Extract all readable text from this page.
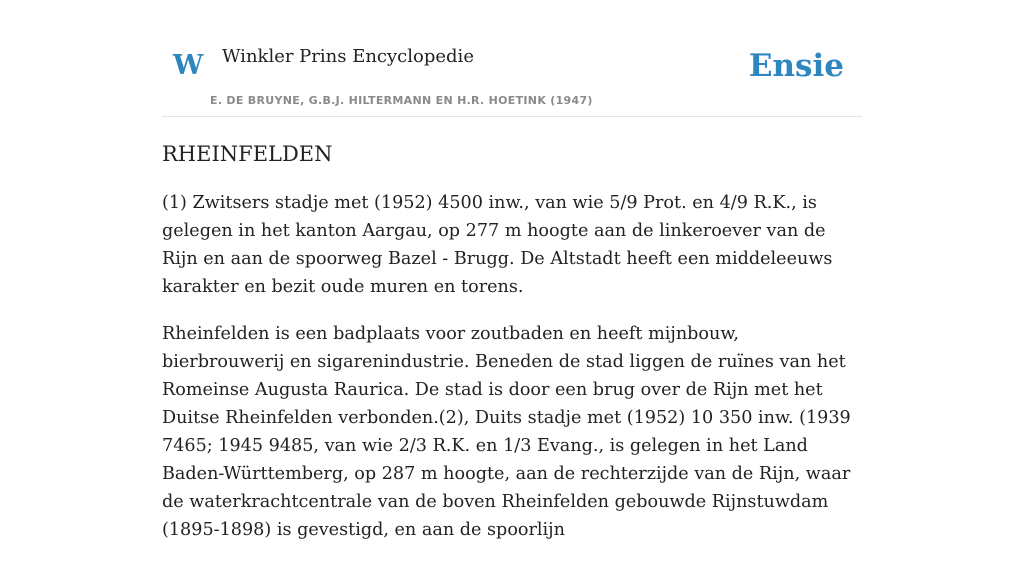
W Winkler Prins Encyclopedie
E. DE BRUYNE, G.B.J. HILTERMANN EN H.R. HOETINK (1947)
Ensie
RHEINFELDEN

(1) Zwitsers stadje met (1952) 4500 inw., van wie 5/9 Prot. en 4/9 R.K., is gelegen in het kanton Aargau, op 277 m hoogte aan de linkeroever van de Rijn en aan de spoorweg Bazel - Brugg. De Altstadt heeft een middeleeuws karakter en bezit oude muren en torens.

Rheinfelden is een badplaats voor zoutbaden en heeft mijnbouw, bierbrouwerij en sigarenindustrie. Beneden de stad liggen de ruïnes van het Romeinse Augusta Raurica. De stad is door een brug over de Rijn met het Duitse Rheinfelden verbonden.(2), Duits stadje met (1952) 10 350 inw. (1939 7465; 1945 9485, van wie 2/3 R.K. en 1/3 Evang., is gelegen in het Land Baden-Württemberg, op 287 m hoogte, aan de rechterzijde van de Rijn, waar de waterkrachtcentrale van de boven Rheinfelden gebouwde Rijnstuwdam (1895-1898) is gevestigd, en aan de spoorlijn
